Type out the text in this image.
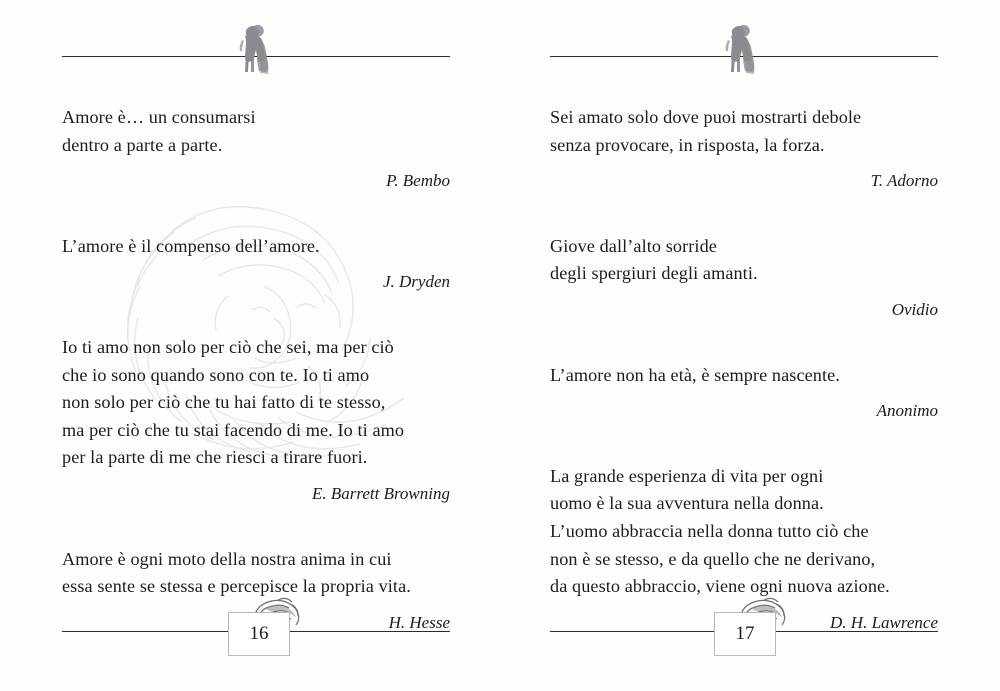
Amore è… un consumarsi
dentro a parte a parte.
P. Bembo
L’amore è il compenso dell’amore.
J. Dryden
Io ti amo non solo per ciò che sei, ma per ciò
che io sono quando sono con te. Io ti amo
non solo per ciò che tu hai fatto di te stesso,
ma per ciò che tu stai facendo di me. Io ti amo
per la parte di me che riesci a tirare fuori.
E. Barrett Browning
Amore è ogni moto della nostra anima in cui
essa sente se stessa e percepisce la propria vita.
H. Hesse
16
Sei amato solo dove puoi mostrarti debole
senza provocare, in risposta, la forza.
T. Adorno
Giove dall’alto sorride
degli spergiuri degli amanti.
Ovidio
L’amore non ha età, è sempre nascente.
Anonimo
La grande esperienza di vita per ogni
uomo è la sua avventura nella donna.
L’uomo abbraccia nella donna tutto ciò che
non è se stesso, e da quello che ne derivano,
da questo abbraccio, viene ogni nuova azione.
D. H. Lawrence
17
